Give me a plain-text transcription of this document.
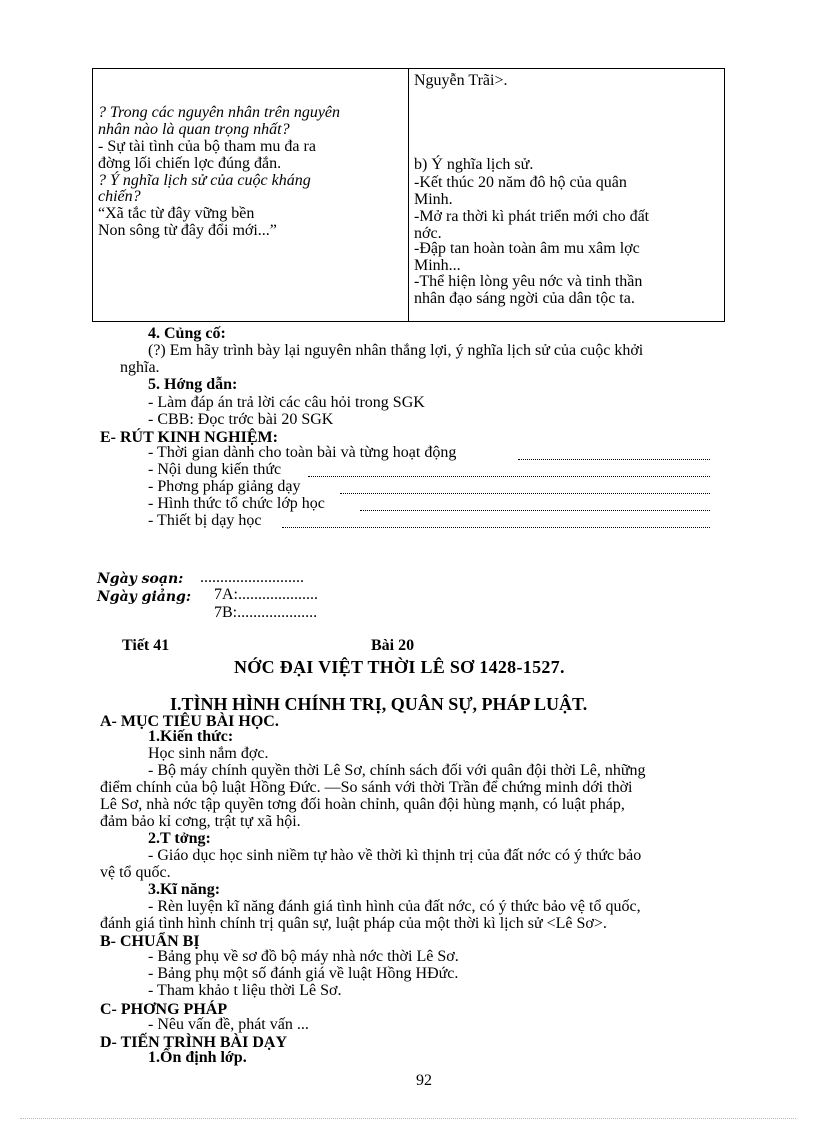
Nguyễn Trãi>.
b) Ý nghĩa lịch sử.
-Kết thúc 20 năm đô hộ của quân
Minh.
-Mở ra thời kì phát triển mới cho đất
nớc.
-Đập tan hoàn toàn âm mu xâm lợc
Minh...
-Thể hiện lòng yêu nớc và tinh thần
nhân đạo sáng ngời của dân tộc ta.
? Trong các nguyên nhân trên nguyên
nhân nào là quan trọng nhất?
- Sự tài tình của bộ tham mu đa ra
đờng lối chiến lợc đúng đắn.
? Ý nghĩa lịch sử của cuộc kháng
chiến?
“Xã tắc từ đây vững bền
Non sông từ đây đổi mới...”
4. Củng cố:
(?) Em hãy trình bày lại nguyên nhân thắng lợi, ý nghĩa lịch sử của cuộc khởi
nghĩa.
5. Hớng dẫn:
- Làm đáp án trả lời các câu hỏi trong SGK
- CBB: Đọc trớc bài 20 SGK
E- RÚT KINH NGHIỆM:
- Thời gian dành cho toàn bài và từng hoạt động
- Nội dung kiến thức
- Phơng pháp giảng dạy
- Hình thức tổ chức lớp học
- Thiết bị dạy học
Ngày soạn: ..........................
Ngày giảng: 7A:....................
7B:....................
Tiết 41	Bài 20
NỚC ĐẠI VIỆT THỜI LÊ SƠ 1428-1527.
I.TÌNH HÌNH CHÍNH TRỊ, QUÂN SỰ, PHÁP LUẬT.
A- MỤC TIÊU BÀI HỌC.
1.Kiến thức:
Học sinh nắm đợc.
- Bộ máy chính quyền thời Lê Sơ, chính sách đối với quân đội thời Lê, những
điểm chính của bộ luật Hồng Đức. —So sánh với thời Trần để chứng minh dới thời
Lê Sơ, nhà nớc tập quyền tơng đối hoàn chỉnh, quân đội hùng mạnh, có luật pháp,
đảm bảo kỉ cơng, trật tự xã hội.
2.T tởng:
- Giáo dục học sinh niềm tự hào về thời kì thịnh trị của đất nớc có ý thức bảo
vệ tổ quốc.
3.Kĩ năng:
- Rèn luyện kĩ năng đánh giá tình hình của đất nớc, có ý thức bảo vệ tổ quốc,
đánh giá tình hình chính trị quân sự, luật pháp của một thời kì lịch sử <Lê Sơ>.
B- CHUẨN BỊ
- Bảng phụ về sơ đồ bộ máy nhà nớc thời Lê Sơ.
- Bảng phụ một số đánh giá về luật Hồng HĐức.
- Tham khảo t liệu thời Lê Sơ.
C- PHƠNG PHÁP
- Nêu vấn đề, phát vấn ...
D- TIẾN TRÌNH BÀI DẠY
1.Ổn định lớp.
92
